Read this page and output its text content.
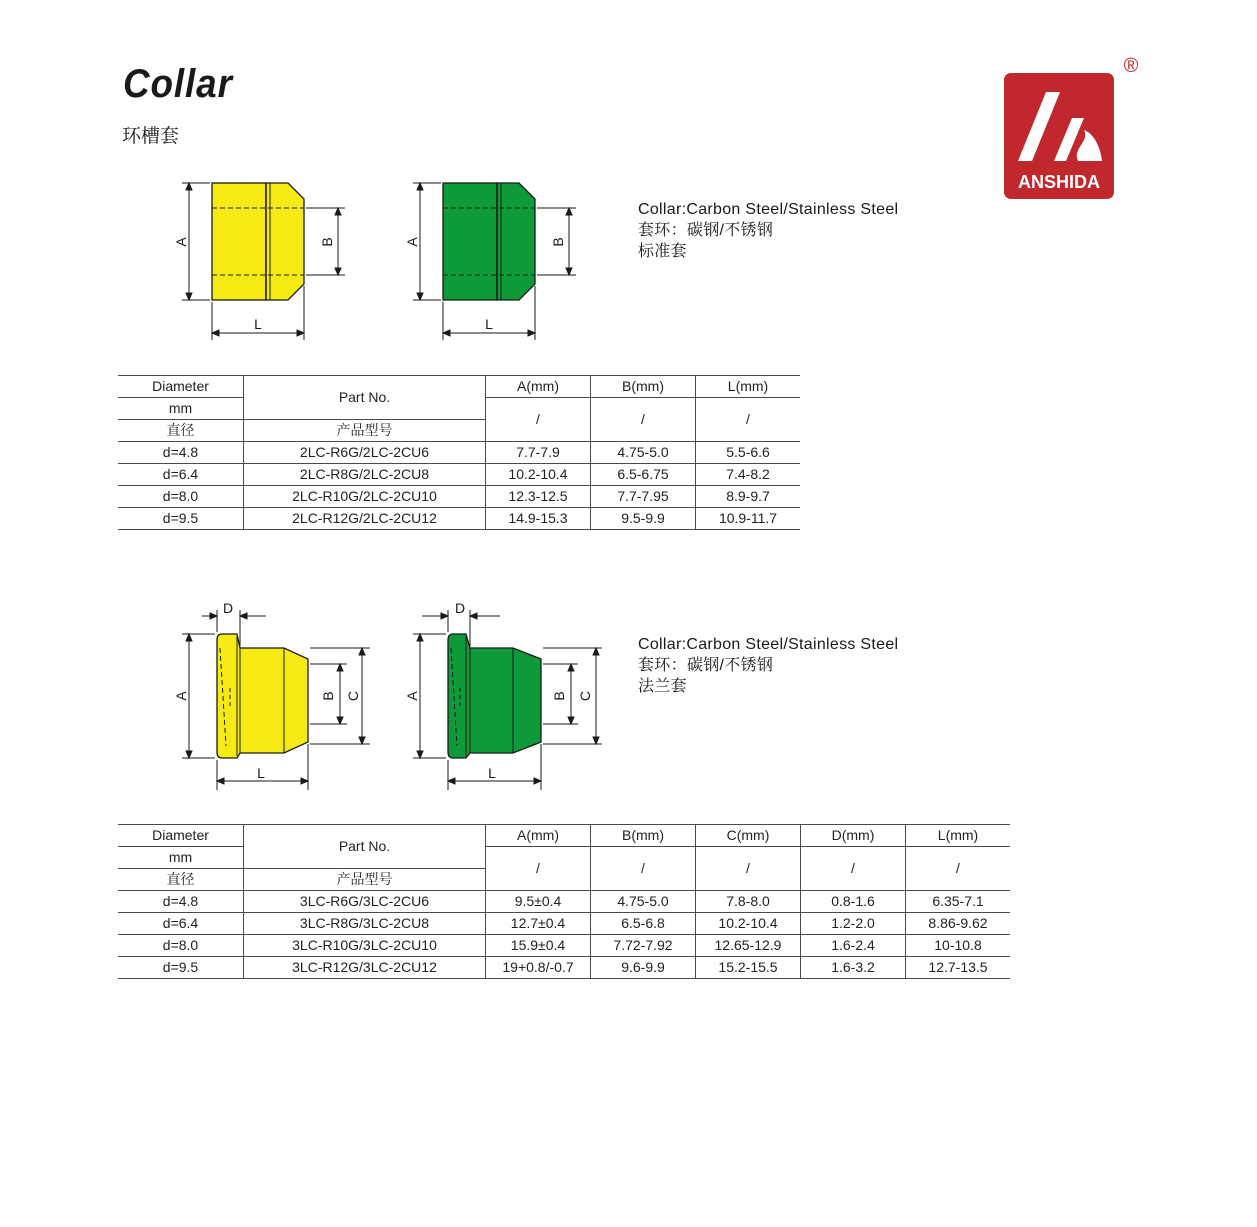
Collar
环槽套
ANSHIDA
®
A	B
L
A	B
L
Collar:Carbon Steel/Stainless Steel
套环：碳钢/不锈钢
标准套
Diameter	Part No.	A(mm)	B(mm)	L(mm)
mm		/	/	/
直径	产品型号			
d=4.8	2LC-R6G/2LC-2CU6	7.7-7.9	4.75-5.0	5.5-6.6
d=6.4	2LC-R8G/2LC-2CU8	10.2-10.4	6.5-6.75	7.4-8.2
d=8.0	2LC-R10G/2LC-2CU10	12.3-12.5	7.7-7.95	8.9-9.7
d=9.5	2LC-R12G/2LC-2CU12	14.9-15.3	9.5-9.9	10.9-11.7
D
A	B C
L
D
A	B C
L
Collar:Carbon Steel/Stainless Steel
套环：碳钢/不锈钢
法兰套
Diameter	Part No.	A(mm)	B(mm)	C(mm)	D(mm)	L(mm)
mm		/	/	/	/	/
直径	产品型号					
d=4.8	3LC-R6G/3LC-2CU6	9.5±0.4	4.75-5.0	7.8-8.0	0.8-1.6	6.35-7.1
d=6.4	3LC-R8G/3LC-2CU8	12.7±0.4	6.5-6.8	10.2-10.4	1.2-2.0	8.86-9.62
d=8.0	3LC-R10G/3LC-2CU10	15.9±0.4	7.72-7.92	12.65-12.9	1.6-2.4	10-10.8
d=9.5	3LC-R12G/3LC-2CU12	19+0.8/-0.7	9.6-9.9	15.2-15.5	1.6-3.2	12.7-13.5
